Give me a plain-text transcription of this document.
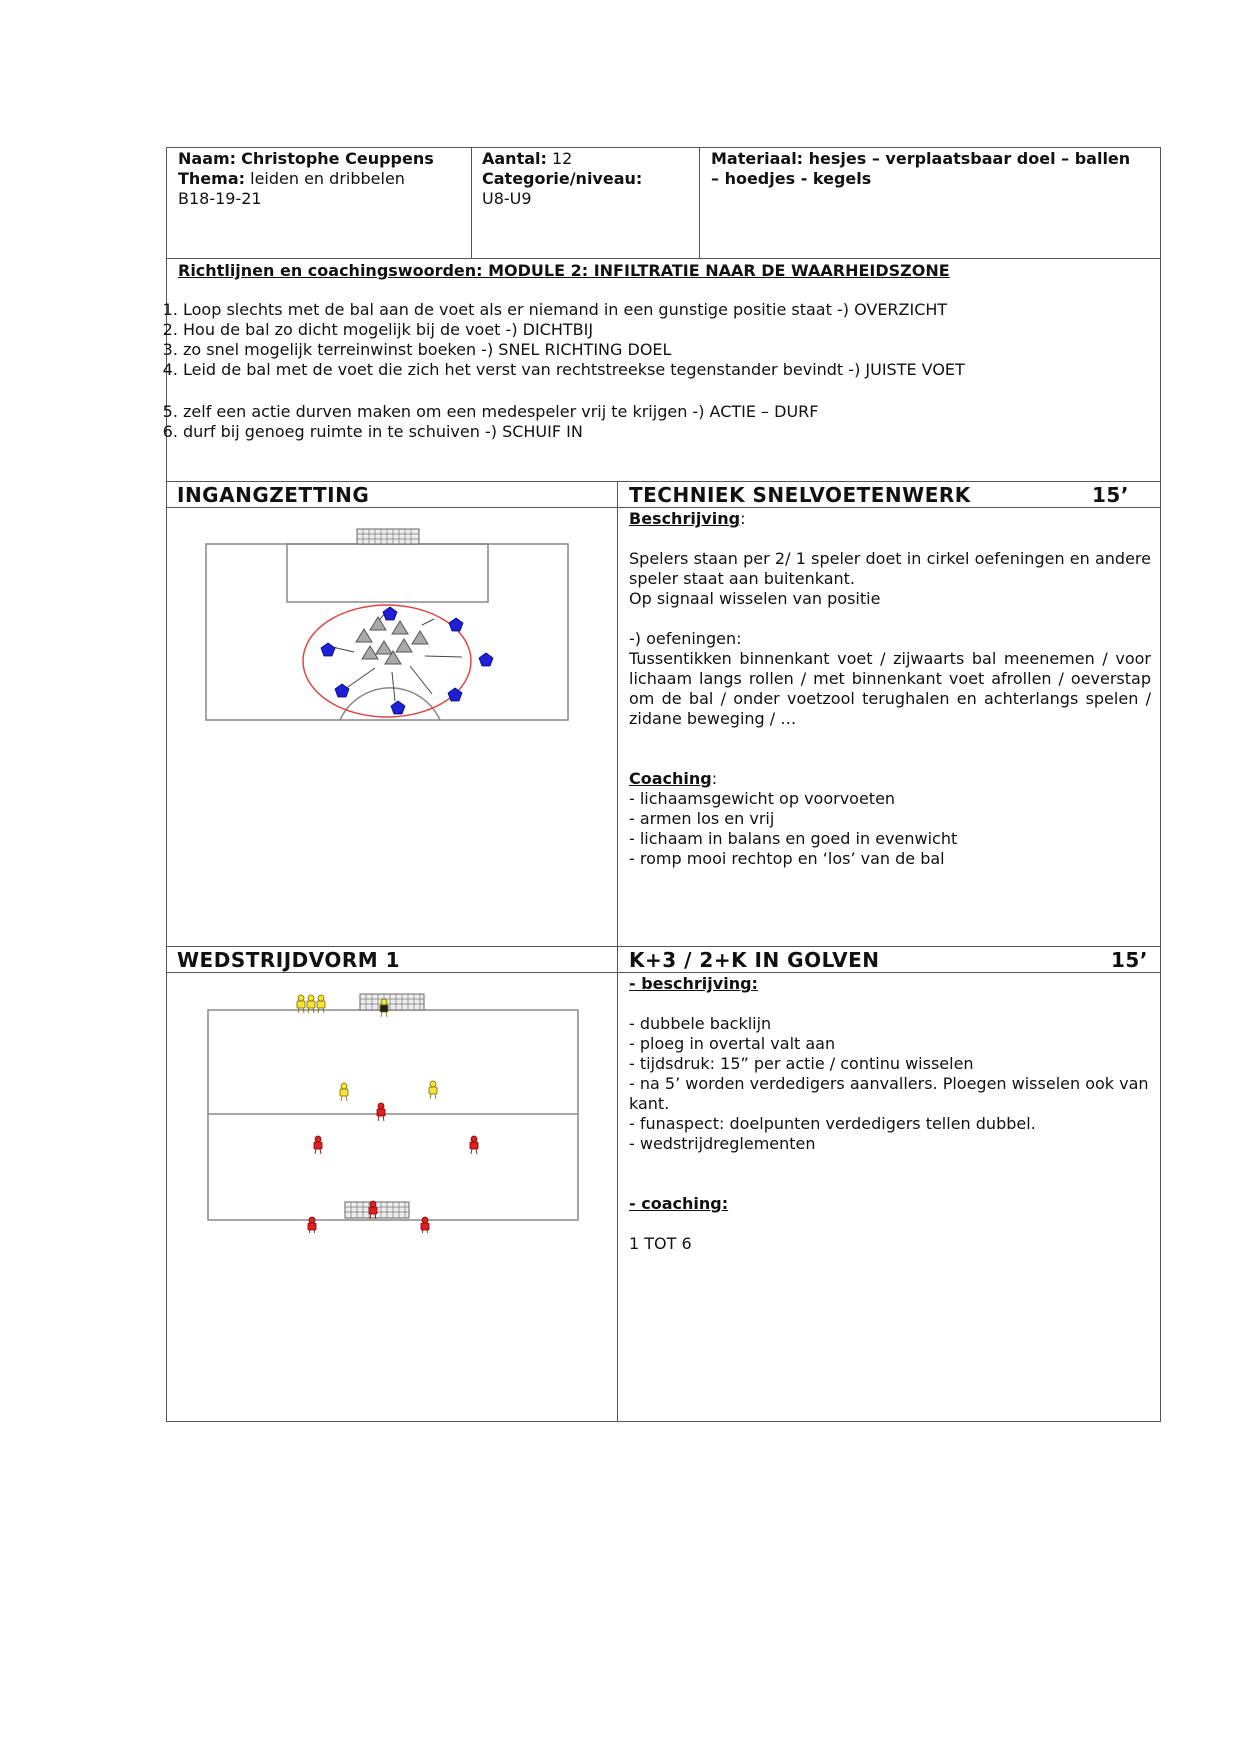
Naam: Christophe Ceuppens
Thema: leiden en dribbelen
B18-19-21
Aantal: 12
Categorie/niveau:
U8-U9
Materiaal: hesjes – verplaatsbaar doel – ballen
– hoedjes - kegels
Richtlijnen en coachingswoorden: MODULE 2: INFILTRATIE NAAR DE WAARHEIDSZONE
1. Loop slechts met de bal aan de voet als er niemand in een gunstige positie staat -) OVERZICHT
2. Hou de bal zo dicht mogelijk bij de voet -) DICHTBIJ
3. zo snel mogelijk terreinwinst boeken -) SNEL RICHTING DOEL
4. Leid de bal met de voet die zich het verst van rechtstreekse tegenstander bevindt -) JUISTE VOET
5. zelf een actie durven maken om een medespeler vrij te krijgen -) ACTIE – DURF
6. durf bij genoeg ruimte in te schuiven -) SCHUIF IN
INGANGZETTING	TECHNIEK SNELVOETENWERK	15’

Beschrijving:

Spelers staan per 2/ 1 speler doet in cirkel oefeningen en andere speler staat aan buitenkant.

Op signaal wisselen van positie

-) oefeningen:

Tussentikken binnenkant voet / zijwaarts bal meenemen / voor lichaam langs rollen / met binnenkant voet afrollen / oeverstap om de bal / onder voetzool terughalen en achterlangs spelen / zidane beweging / …

Coaching:

- lichaamsgewicht op voorvoeten

- armen los en vrij

- lichaam in balans en goed in evenwicht

- romp mooi rechtop en ‘los’ van de bal

WEDSTRIJDVORM 1	K+3 / 2+K IN GOLVEN	15’

- beschrijving:

- dubbele backlijn

- ploeg in overtal valt aan

- tijdsdruk: 15” per actie / continu wisselen

- na 5’ worden verdedigers aanvallers. Ploegen wisselen ook van kant.

- funaspect: doelpunten verdedigers tellen dubbel.

- wedstrijdreglementen

- coaching:

1 TOT 6
